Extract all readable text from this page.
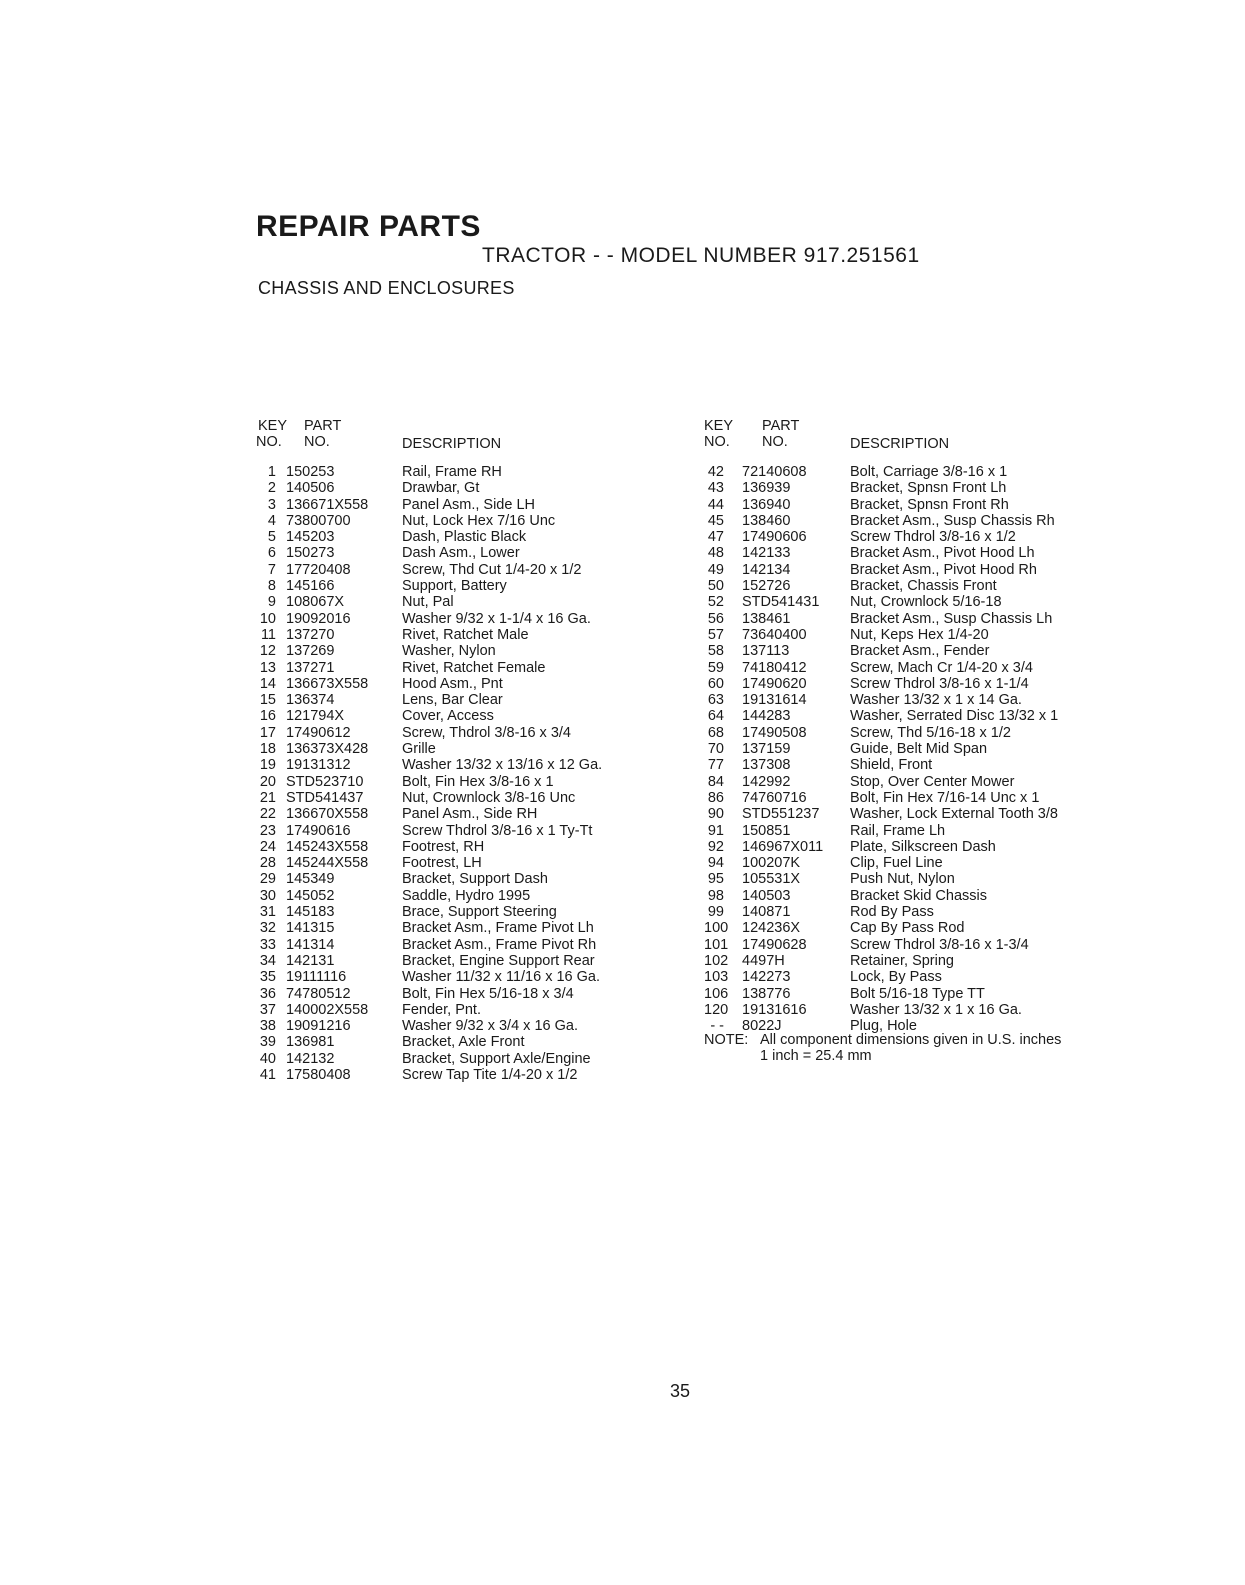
REPAIR PARTS
TRACTOR - - MODEL NUMBER 917.251561
CHASSIS AND ENCLOSURES
KEY
NO.
PART
NO.	DESCRIPTION
1 150253	Rail, Frame RH
2 140506	Drawbar, Gt
3 136671X558 Panel Asm., Side LH
4 73800700	Nut, Lock Hex 7/16 Unc
5 145203	Dash, Plastic Black
6 150273	Dash Asm., Lower
7 17720408	Screw, Thd Cut 1/4-20 x 1/2
8 145166	Support, Battery
9 108067X	Nut, Pal
10 19092016	Washer 9/32 x 1-1/4 x 16 Ga.
11 137270	Rivet, Ratchet Male
12 137269	Washer, Nylon
13 137271	Rivet, Ratchet Female
14 136673X558 Hood Asm., Pnt
15 136374	Lens, Bar Clear
16 121794X	Cover, Access
17 17490612	Screw, Thdrol 3/8-16 x 3/4
18 136373X428 Grille
19 19131312	Washer 13/32 x 13/16 x 12 Ga.
20 STD523710	Bolt, Fin Hex 3/8-16 x 1
21 STD541437	Nut, Crownlock 3/8-16 Unc
22 136670X558 Panel Asm., Side RH
23 17490616	Screw Thdrol 3/8-16 x 1 Ty-Tt
24 145243X558 Footrest, RH
28 145244X558 Footrest, LH
29 145349	Bracket, Support Dash
30 145052	Saddle, Hydro 1995
31 145183	Brace, Support Steering
32 141315	Bracket Asm., Frame Pivot Lh
33 141314	Bracket Asm., Frame Pivot Rh
34 142131	Bracket, Engine Support Rear
35 19111116	Washer 11/32 x 11/16 x 16 Ga.
36 74780512	Bolt, Fin Hex 5/16-18 x 3/4
37 140002X558 Fender, Pnt.
38 19091216	Washer 9/32 x 3/4 x 16 Ga.
39 136981	Bracket, Axle Front
40 142132	Bracket, Support Axle/Engine
41 17580408	Screw Tap Tite 1/4-20 x 1/2
KEY
NO.
PART
NO.	DESCRIPTION
42 72140608	Bolt, Carriage 3/8-16 x 1
43 136939	Bracket, Spnsn Front Lh
44 136940	Bracket, Spnsn Front Rh
45 138460	Bracket Asm., Susp Chassis Rh
47 17490606	Screw Thdrol 3/8-16 x 1/2
48 142133	Bracket Asm., Pivot Hood Lh
49 142134	Bracket Asm., Pivot Hood Rh
50 152726	Bracket, Chassis Front
52 STD541431 Nut, Crownlock 5/16-18
56 138461	Bracket Asm., Susp Chassis Lh
57 73640400	Nut, Keps Hex 1/4-20
58 137113	Bracket Asm., Fender
59 74180412	Screw, Mach Cr 1/4-20 x 3/4
60 17490620	Screw Thdrol 3/8-16 x 1-1/4
63 19131614	Washer 13/32 x 1 x 14 Ga.
64 144283	Washer, Serrated Disc 13/32 x 1
68 17490508	Screw, Thd 5/16-18 x 1/2
70 137159	Guide, Belt Mid Span
77 137308	Shield, Front
84 142992	Stop, Over Center Mower
86 74760716	Bolt, Fin Hex 7/16-14 Unc x 1
90 STD551237 Washer, Lock External Tooth 3/8
91 150851	Rail, Frame Lh
92 146967X011 Plate, Silkscreen Dash
94 100207K	Clip, Fuel Line
95 105531X	Push Nut, Nylon
98 140503	Bracket Skid Chassis
99 140871	Rod By Pass
100 124236X	Cap By Pass Rod
101 17490628	Screw Thdrol 3/8-16 x 1-3/4
102 4497H	Retainer, Spring
103 142273	Lock, By Pass
106 138776	Bolt 5/16-18 Type TT
120 19131616	Washer 13/32 x 1 x 16 Ga.
- - 8022J	Plug, Hole
NOTE: All component dimensions given in U.S. inches
1 inch = 25.4 mm
35
